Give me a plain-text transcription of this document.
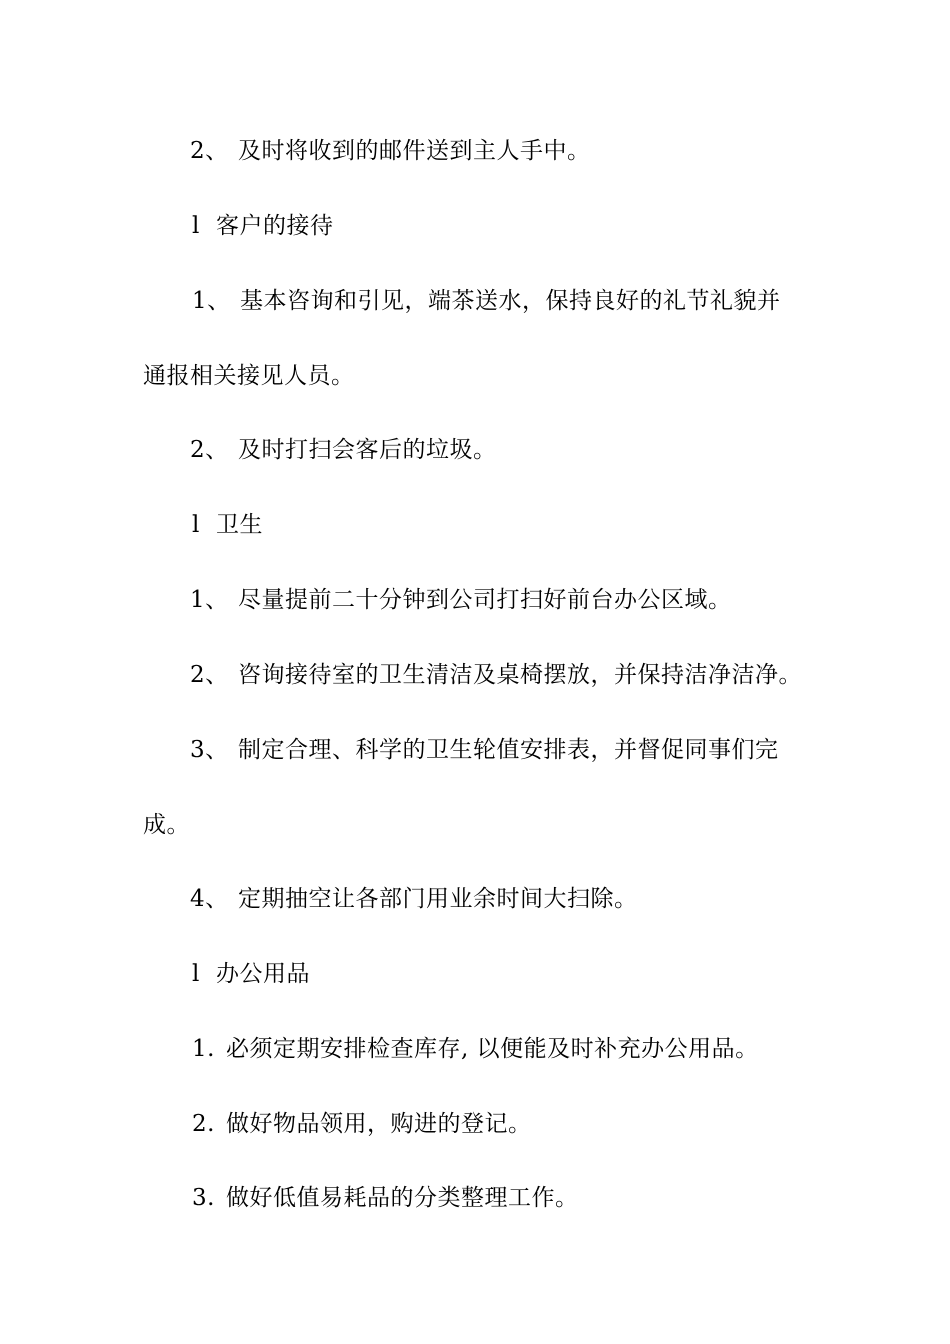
2、 及时将收到的邮件送到主人手中。
l 客户的接待
1、 基本咨询和引见，端茶送水，保持良好的礼节礼貌并
通报相关接见人员。
2、 及时打扫会客后的垃圾。
l 卫生
1、 尽量提前二十分钟到公司打扫好前台办公区域。
2、 咨询接待室的卫生清洁及桌椅摆放，并保持洁净洁净。
3、 制定合理、科学的卫生轮值安排表，并督促同事们完
成。
4、 定期抽空让各部门用业余时间大扫除。
l 办公用品
1. 必须定期安排检查库存, 以便能及时补充办公用品。
2. 做好物品领用，购进的登记。
3. 做好低值易耗品的分类整理工作。
